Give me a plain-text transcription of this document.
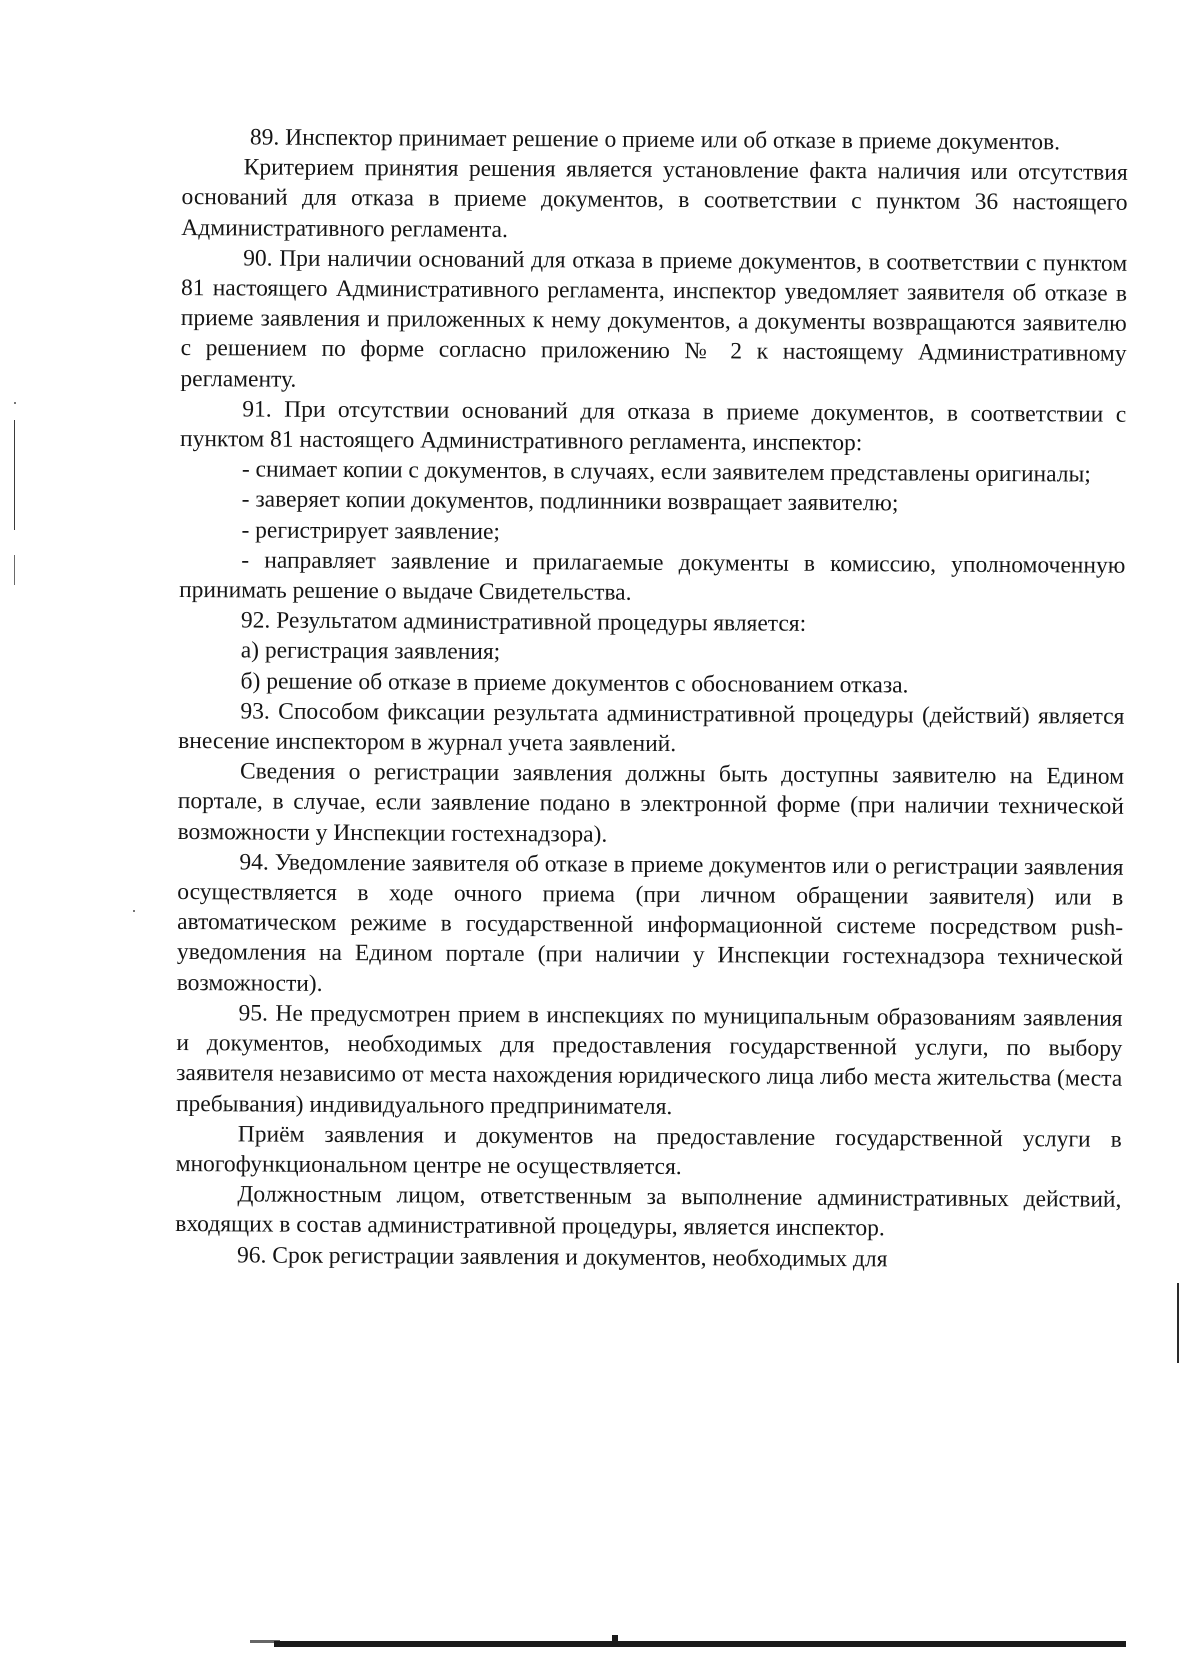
89. Инспектор принимает решение о приеме или об отказе в приеме документов.

Критерием принятия решения является установление факта наличия или отсутствия оснований для отказа в приеме документов, в соответствии с пунктом 36 настоящего Административного регламента.

90. При наличии оснований для отказа в приеме документов, в соответствии с пунктом 81 настоящего Административного регламента, инспектор уведомляет заявителя об отказе в приеме заявления и приложенных к нему документов, а документы возвращаются заявителю с решением по форме согласно приложению № 2 к настоящему Административному регламенту.

91. При отсутствии оснований для отказа в приеме документов, в соответствии с пунктом 81 настоящего Административного регламента, инспектор:

- снимает копии с документов, в случаях, если заявителем представлены оригиналы;

- заверяет копии документов, подлинники возвращает заявителю;

- регистрирует заявление;

- направляет заявление и прилагаемые документы в комиссию, уполномоченную принимать решение о выдаче Свидетельства.

92. Результатом административной процедуры является:

а) регистрация заявления;

б) решение об отказе в приеме документов с обоснованием отказа.

93. Способом фиксации результата административной процедуры (действий) является внесение инспектором в журнал учета заявлений.

Сведения о регистрации заявления должны быть доступны заявителю на Едином портале, в случае, если заявление подано в электронной форме (при наличии технической возможности у Инспекции гостехнадзора).

94. Уведомление заявителя об отказе в приеме документов или о регистрации заявления осуществляется в ходе очного приема (при личном обращении заявителя) или в автоматическом режиме в государственной информационной системе посредством push- уведомления на Едином портале (при наличии у Инспекции гостехнадзора технической возможности).

95. Не предусмотрен прием в инспекциях по муниципальным образованиям заявления и документов, необходимых для предоставления государственной услуги, по выбору заявителя независимо от места нахождения юридического лица либо места жительства (места пребывания) индивидуального предпринимателя.

Приём заявления и документов на предоставление государственной услуги в многофункциональном центре не осуществляется.

Должностным лицом, ответственным за выполнение административных действий, входящих в состав административной процедуры, является инспектор.

96. Срок регистрации заявления и документов, необходимых для
